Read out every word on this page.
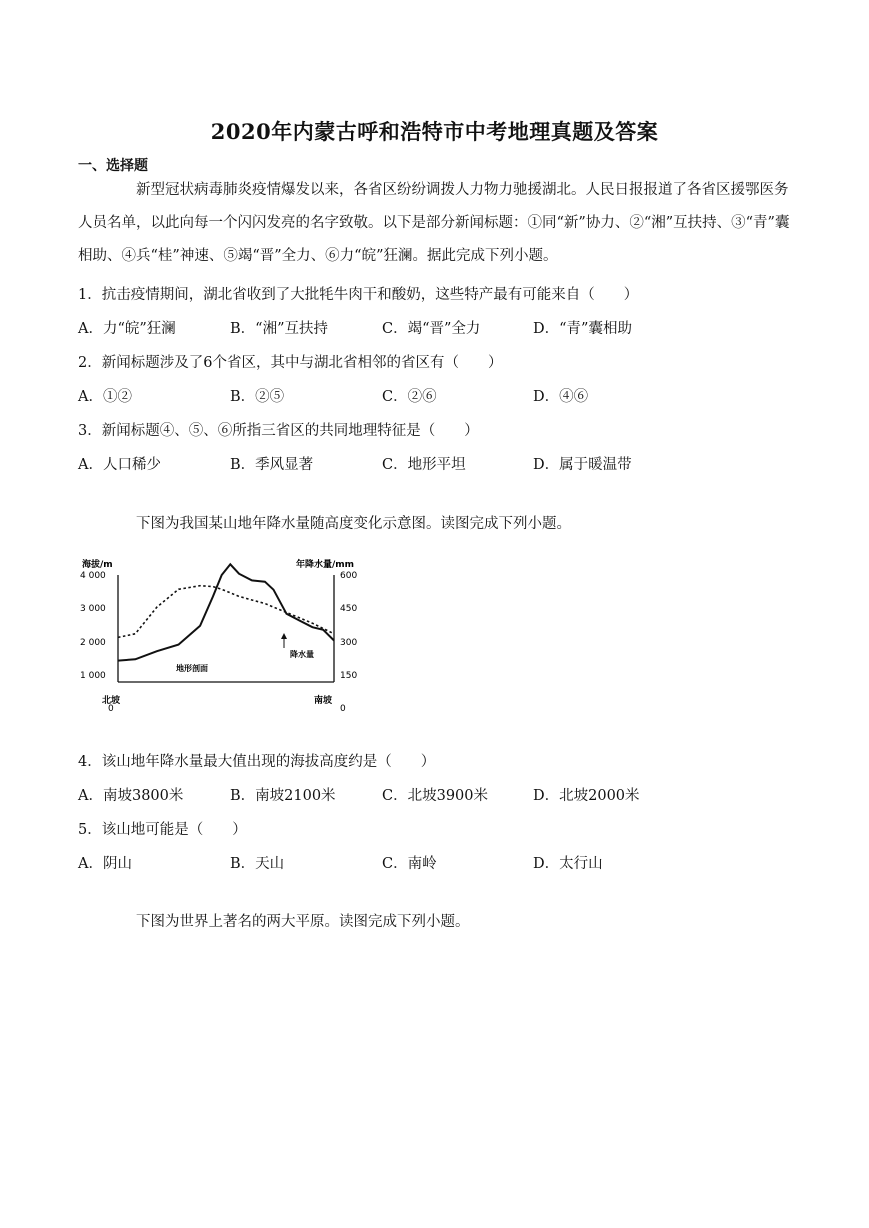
2020年内蒙古呼和浩特市中考地理真题及答案
一、选择题
新型冠状病毒肺炎疫情爆发以来，各省区纷纷调拨人力物力驰援湖北。人民日报报道了各省区援鄂医务人员名单，以此向每一个闪闪发亮的名字致敬。以下是部分新闻标题：①同“新”协力、②“湘”互扶持、③“青”囊相助、④兵“桂”神速、⑤竭“晋”全力、⑥力“皖”狂澜。据此完成下列小题。
1．抗击疫情期间，湖北省收到了大批牦牛肉干和酸奶，这些特产最有可能来自（　　）
A．力“皖”狂澜	B．“湘”互扶持	C．竭“晋”全力	D．“青”囊相助
2．新闻标题涉及了6个省区，其中与湖北省相邻的省区有（　　）
A．①②	B．②⑤	C．②⑥	D．④⑥
3．新闻标题④、⑤、⑥所指三省区的共同地理特征是（　　）
A．人口稀少	B．季风显著	C．地形平坦	D．属于暖温带
下图为我国某山地年降水量随高度变化示意图。读图完成下列小题。
海拔/m	年降水量/mm
北坡	南坡
4 000
3 000
2 000
1 000
0
600
450
300
150
0
地形剖面
降水量
4．该山地年降水量最大值出现的海拔高度约是（　　）
A．南坡3800米	B．南坡2100米	C．北坡3900米	D．北坡2000米
5．该山地可能是（　　）
A．阴山	B．天山	C．南岭	D．太行山
下图为世界上著名的两大平原。读图完成下列小题。
